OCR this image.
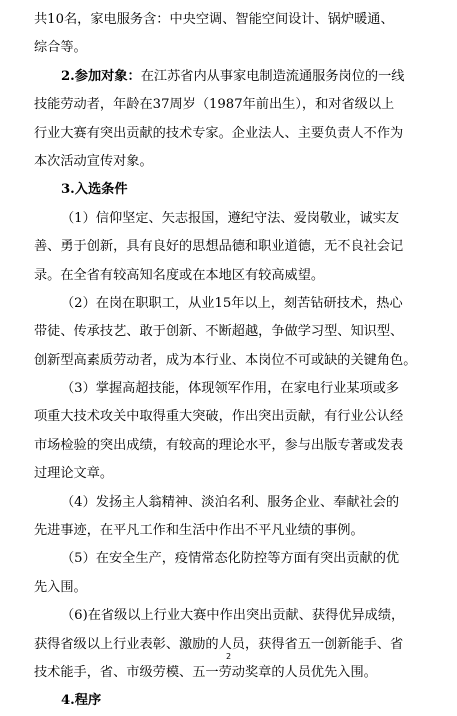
共10名，家电服务含：中央空调、智能空间设计、锅炉暖通、
综合等。
2.参加对象：在江苏省内从事家电制造流通服务岗位的一线
技能劳动者，年龄在37周岁（1987年前出生），和对省级以上
行业大赛有突出贡献的技术专家。企业法人、主要负责人不作为
本次活动宣传对象。
3.入选条件
（1）信仰坚定、矢志报国，遵纪守法、爱岗敬业，诚实友
善、勇于创新，具有良好的思想品德和职业道德，无不良社会记
录。在全省有较高知名度或在本地区有较高威望。
（2）在岗在职职工，从业15年以上，刻苦钻研技术，热心
带徒、传承技艺、敢于创新、不断超越，争做学习型、知识型、
创新型高素质劳动者，成为本行业、本岗位不可或缺的关键角色。
（3）掌握高超技能，体现领军作用，在家电行业某项或多
项重大技术攻关中取得重大突破，作出突出贡献，有行业公认经
市场检验的突出成绩，有较高的理论水平，参与出版专著或发表
过理论文章。
（4）发扬主人翁精神、淡泊名利、服务企业、奉献社会的
先进事迹，在平凡工作和生活中作出不平凡业绩的事例。
（5）在安全生产，疫情常态化防控等方面有突出贡献的优
先入围。
（6)在省级以上行业大赛中作出突出贡献、获得优异成绩，
获得省级以上行业表彰、激励的人员，获得省五一创新能手、省
技术能手，省、市级劳模、五一劳动奖章的人员优先入围。
4.程序
2
